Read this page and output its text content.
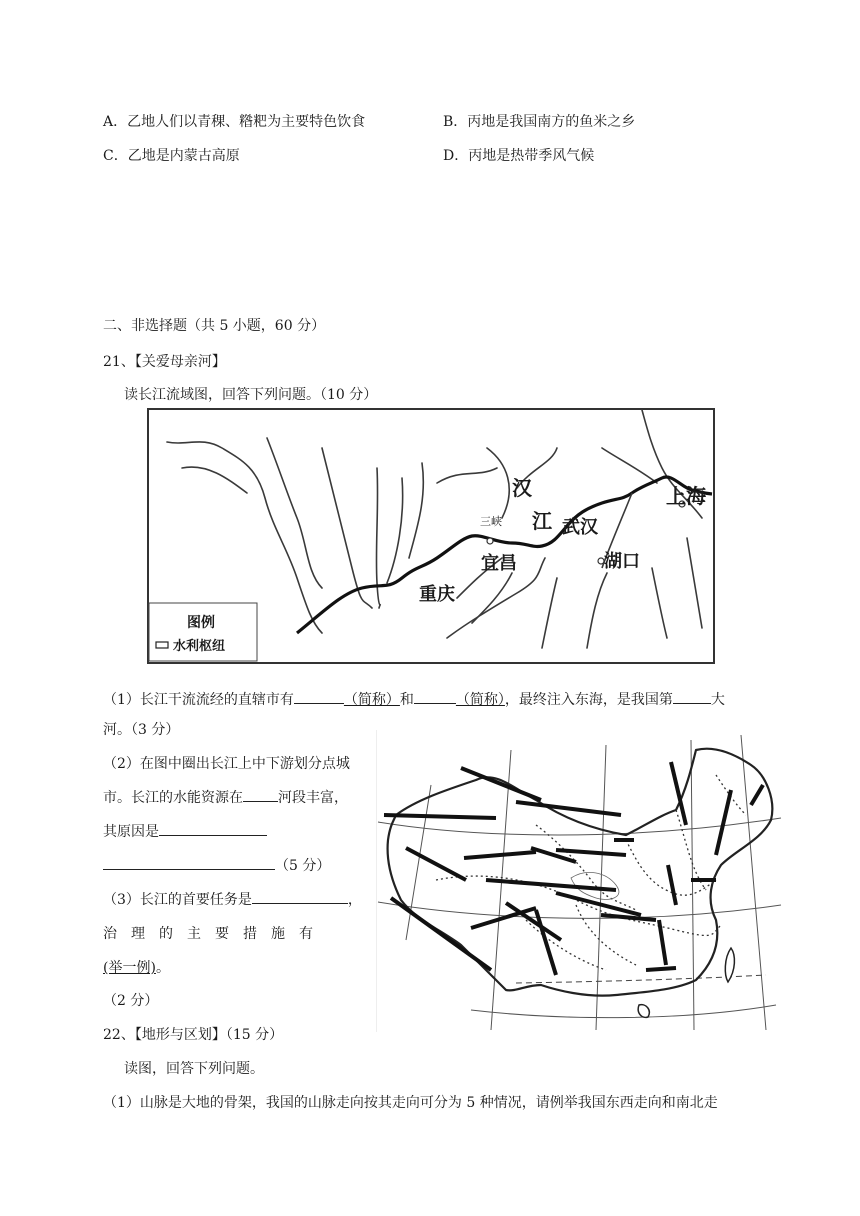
A．乙地人们以青稞、糌粑为主要特色饮食	B．丙地是我国南方的鱼米之乡
C．乙地是内蒙古高原	D．丙地是热带季风气候
二、非选择题（共 5 小题，60 分）
21、【关爱母亲河】
读长江流域图，回答下列问题。（10 分）
图例
水利枢纽
汉
江
上海
武汉
湖口
宜昌
重庆
三峡
（1）长江干流流经的直辖市有	（简称）和	（简称），最终注入东海，是我国第	大
河。（3 分）
（2）在图中圈出长江上中下游划分点城
市。长江的水能资源在	河段丰富，
其原因是
（5 分）
（3）长江的首要任务是	，
治　理　的　主　要　措　施　有
(举一例)。
（2 分）
22、【地形与区划】（15 分）
读图，回答下列问题。
（1）山脉是大地的骨架，我国的山脉走向按其走向可分为 5 种情况，请例举我国东西走向和南北走
